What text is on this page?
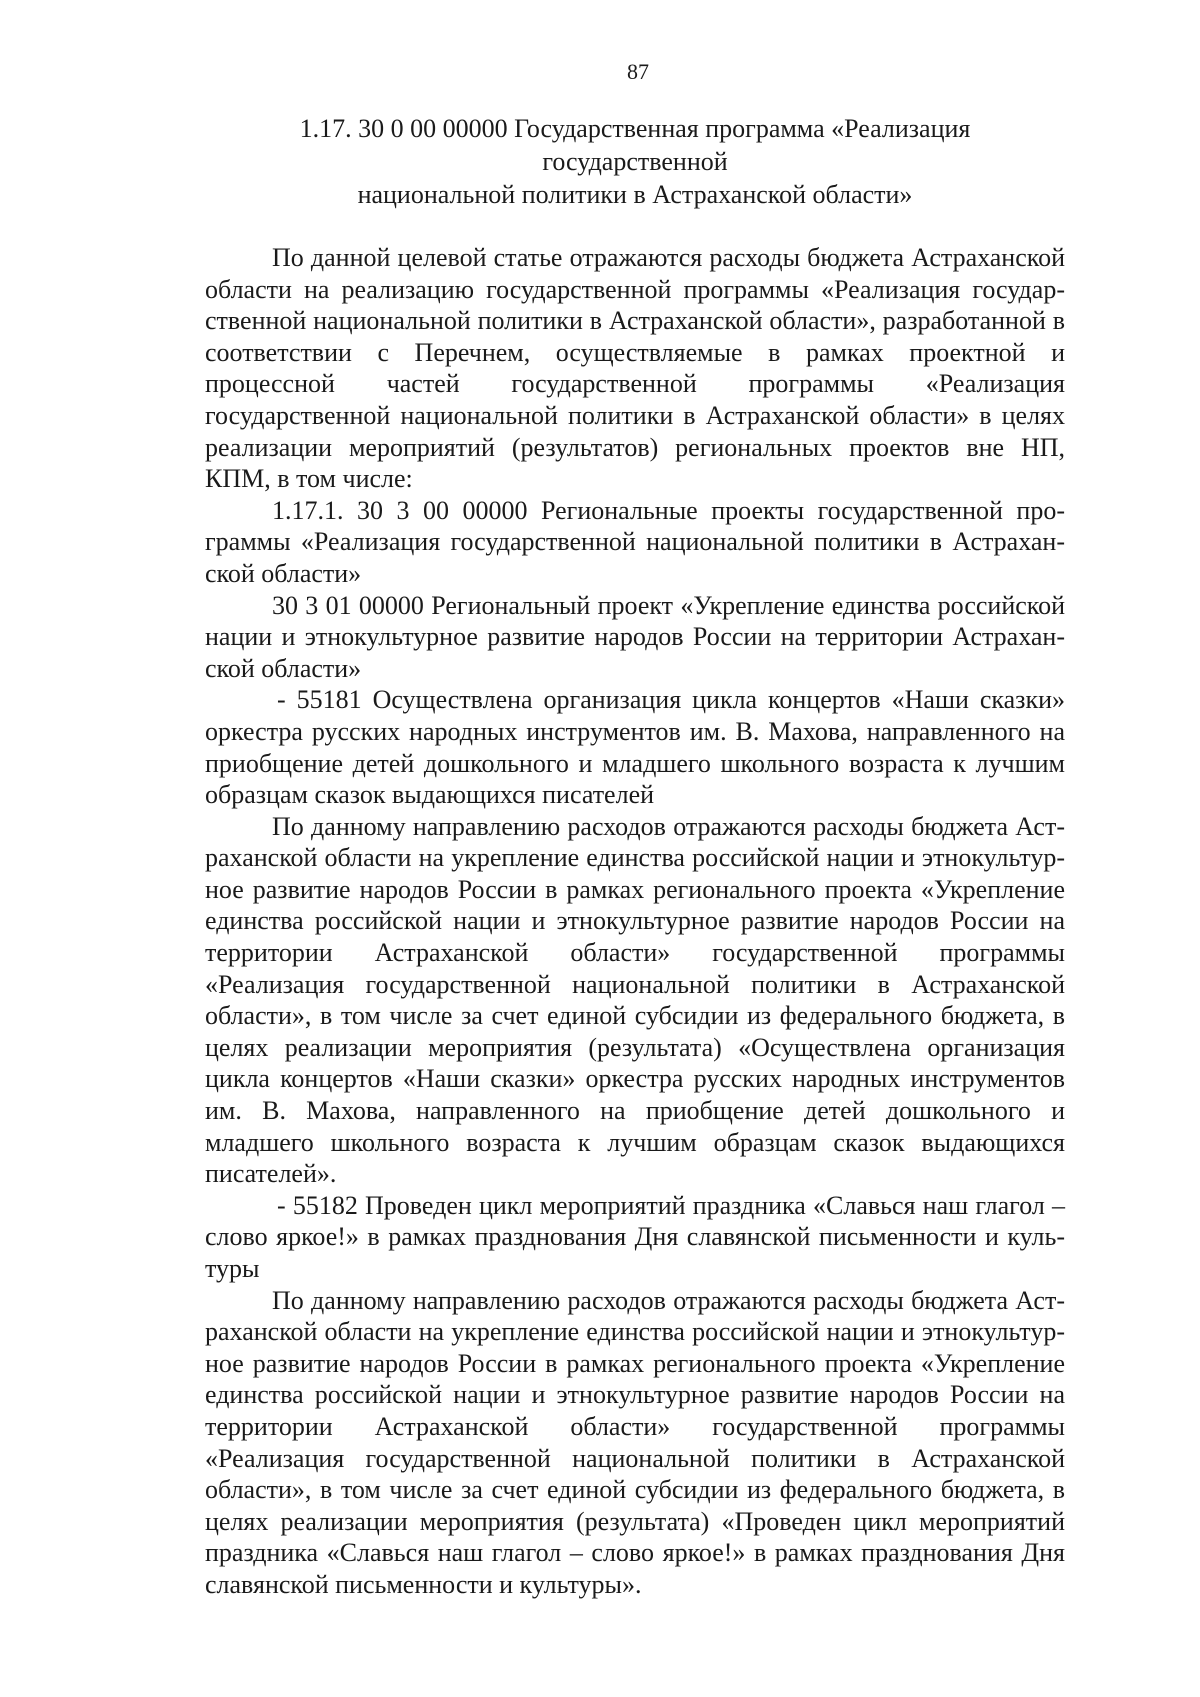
87
1.17. 30 0 00 00000 Государственная программа «Реализация государственной
национальной политики в Астраханской области»

По данной целевой статье отражаются расходы бюджета Астраханской области на реализацию государственной программы «Реализация государственной национальной политики в Астраханской области», разработанной в соответствии с Перечнем, осуществляемые в рамках проектной и процессной частей государственной программы «Реализация государственной национальной политики в Астраханской области» в целях реализации мероприятий (результатов) региональных проектов вне НП, КПМ, в том числе:

1.17.1. 30 3 00 00000 Региональные проекты государственной программы «Реализация государственной национальной политики в Астраханской области»

30 3 01 00000 Региональный проект «Укрепление единства российской нации и этнокультурное развитие народов России на территории Астраханской области»

- 55181 Осуществлена организация цикла концертов «Наши сказки» оркестра русских народных инструментов им. В. Махова, направленного на приобщение детей дошкольного и младшего школьного возраста к лучшим образцам сказок выдающихся писателей

По данному направлению расходов отражаются расходы бюджета Астраханской области на укрепление единства российской нации и этнокультурное развитие народов России в рамках регионального проекта «Укрепление единства российской нации и этнокультурное развитие народов России на территории Астраханской области» государственной программы «Реализация государственной национальной политики в Астраханской области», в том числе за счет единой субсидии из федерального бюджета, в целях реализации мероприятия (результата) «Осуществлена организация цикла концертов «Наши сказки» оркестра русских народных инструментов им. В. Махова, направленного на приобщение детей дошкольного и младшего школьного возраста к лучшим образцам сказок выдающихся писателей».

- 55182 Проведен цикл мероприятий праздника «Славься наш глагол – слово яркое!» в рамках празднования Дня славянской письменности и культуры

По данному направлению расходов отражаются расходы бюджета Астраханской области на укрепление единства российской нации и этнокультурное развитие народов России в рамках регионального проекта «Укрепление единства российской нации и этнокультурное развитие народов России на территории Астраханской области» государственной программы «Реализация государственной национальной политики в Астраханской области», в том числе за счет единой субсидии из федерального бюджета, в целях реализации мероприятия (результата) «Проведен цикл мероприятий праздника «Славься наш глагол – слово яркое!» в рамках празднования Дня славянской письменности и культуры».
